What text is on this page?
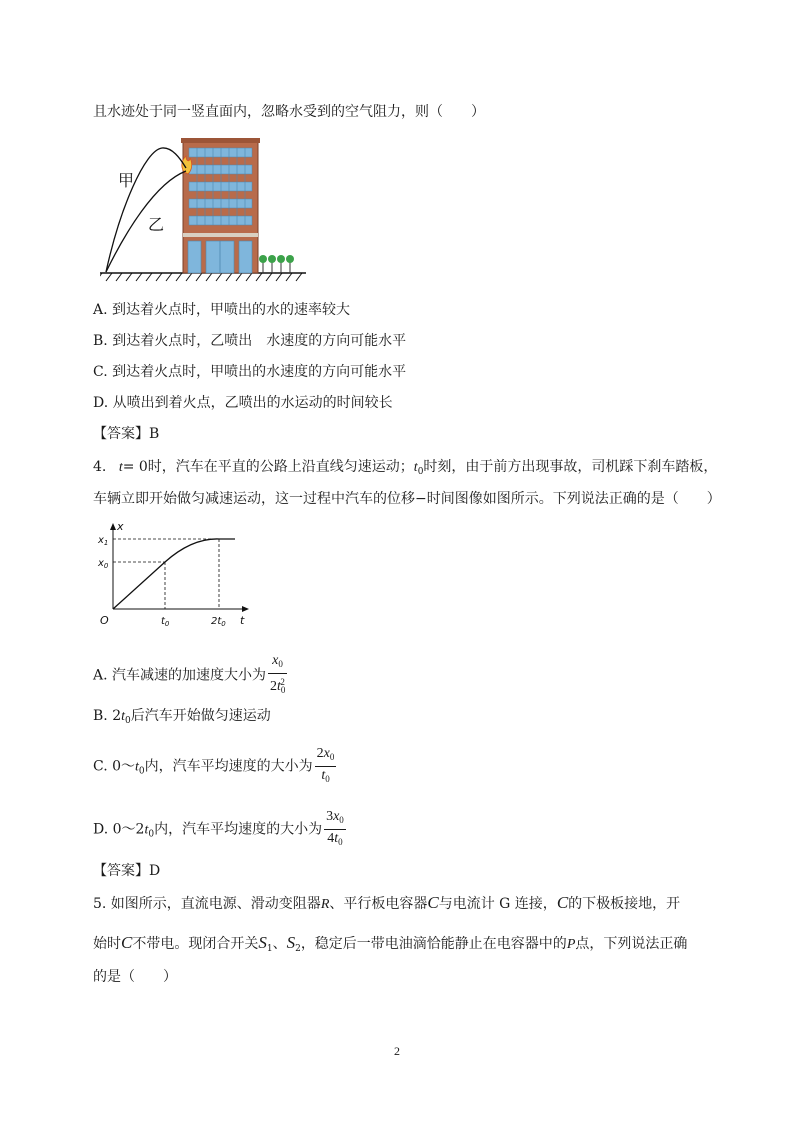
且水迹处于同一竖直面内，忽略水受到的空气阻力，则（　　）
甲
乙
A. 到达着火点时，甲喷出的水的速率较大
B. 到达着火点时，乙喷出　水速度的方向可能水平
C. 到达着火点时，甲喷出的水速度的方向可能水平
D. 从喷出到着火点，乙喷出的水运动的时间较长
【答案】B
4. t= 0时，汽车在平直的公路上沿直线匀速运动；$t_0$时刻，由于前方出现事故，司机踩下刹车踏板，
车辆立即开始做匀减速运动，这一过程中汽车的位移−时间图像如图所示。下列说法正确的是（　　）
x
t
O
$x_1$
$x_0$
$t_0$	$2t_0$
A. 汽车减速的加速度大小为 $\frac{x_0}{2t_0^2}$
B. $2t_0$后汽车开始做匀速运动
C. $0\sim t_0$内，汽车平均速度的大小为 $\frac{2x_0}{t_0}$
D. $0\sim 2t_0$内，汽车平均速度的大小为 $\frac{3x_0}{4t_0}$
【答案】D
5. 如图所示，直流电源、滑动变阻器R、平行板电容器C与电流计 G 连接，C的下极板接地，开
始时C不带电。现闭合开关$S_1$、$S_2$，稳定后一带电油滴恰能静止在电容器中的P点，下列说法正确
的是（　　）
2
